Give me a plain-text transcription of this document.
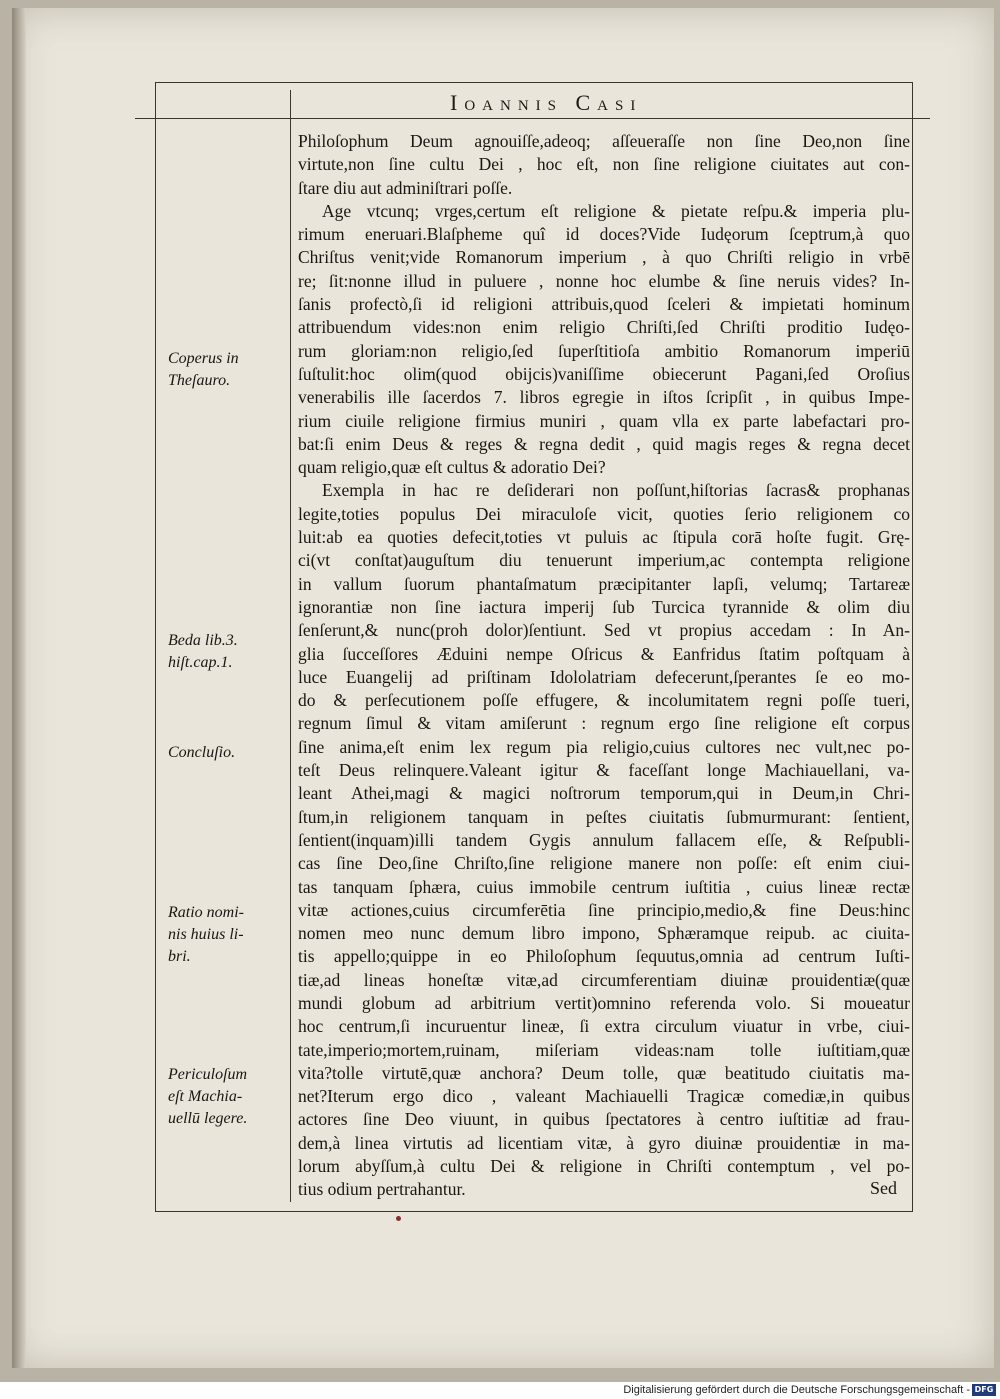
Ioannis Casi
Philoſophum Deum agnouiſſe,adeoq; aſſeueraſſe non ſine Deo,non ſine
virtute,non ſine cultu Dei , hoc eſt, non ſine religione ciuitates aut con-
ſtare diu aut adminiſtrari poſſe.
Age vtcunq; vrges,certum eſt religione & pietate reſpu.& imperia plu-
rimum eneruari.Blaſpheme quî id doces?Vide Iudęorum ſceptrum,à quo
Chriſtus venit;vide Romanorum imperium , à quo Chriſti religio in vrbē
re; ſit:nonne illud in puluere , nonne hoc elumbe & ſine neruis vides? In-
ſanis profectò,ſi id religioni attribuis,quod ſceleri & impietati hominum
attribuendum vides:non enim religio Chriſti,ſed Chriſti proditio Iudęo-
rum gloriam:non religio,ſed ſuperſtitioſa ambitio Romanorum imperiū
ſuſtulit:hoc olim(quod obijcis)vaniſſime obiecerunt Pagani,ſed Oroſius
venerabilis ille ſacerdos 7. libros egregie in iſtos ſcripſit , in quibus Impe-
rium ciuile religione firmius muniri , quam vlla ex parte labefactari pro-
bat:ſi enim Deus & reges & regna dedit , quid magis reges & regna decet
quam religio,quæ eſt cultus & adoratio Dei?
Exempla in hac re deſiderari non poſſunt,hiſtorias ſacras& prophanas
legite,toties populus Dei miraculoſe vicit, quoties ſerio religionem co
luit:ab ea quoties defecit,toties vt puluis ac ſtipula corā hoſte fugit. Grę-
ci(vt conſtat)auguſtum diu tenuerunt imperium,ac contempta religione
in vallum ſuorum phantaſmatum præcipitanter lapſi, velumq; Tartareæ
ignorantiæ non ſine iactura imperij ſub Turcica tyrannide & olim diu
ſenſerunt,& nunc(proh dolor)ſentiunt. Sed vt propius accedam : In An-
glia ſucceſſores Æduini nempe Oſricus & Eanfridus ſtatim poſtquam à
luce Euangelij ad priſtinam Idololatriam defecerunt,ſperantes ſe eo mo-
do & perſecutionem poſſe effugere, & incolumitatem regni poſſe tueri,
regnum ſimul & vitam amiſerunt : regnum ergo ſine religione eſt corpus
ſine anima,eſt enim lex regum pia religio,cuius cultores nec vult,nec po-
teſt Deus relinquere.Valeant igitur & faceſſant longe Machiauellani, va-
leant Athei,magi & magici noſtrorum temporum,qui in Deum,in Chri-
ſtum,in religionem tanquam in peſtes ciuitatis ſubmurmurant: ſentient,
ſentient(inquam)illi tandem Gygis annulum fallacem eſſe, & Reſpubli-
cas ſine Deo,ſine Chriſto,ſine religione manere non poſſe: eſt enim ciui-
tas tanquam ſphæra, cuius immobile centrum iuſtitia , cuius lineæ rectæ
vitæ actiones,cuius circumferētia ſine principio,medio,& fine Deus:hinc
nomen meo nunc demum libro impono, Sphæramque reipub. ac ciuita-
tis appello;quippe in eo Philoſophum ſequutus,omnia ad centrum Iuſti-
tiæ,ad lineas honeſtæ vitæ,ad circumferentiam diuinæ prouidentiæ(quæ
mundi globum ad arbitrium vertit)omnino referenda volo. Si moueatur
hoc centrum,ſi incuruentur lineæ, ſi extra circulum viuatur in vrbe, ciui-
tate,imperio;mortem,ruinam, miſeriam videas:nam tolle iuſtitiam,quæ
vita?tolle virtutē,quæ anchora? Deum tolle, quæ beatitudo ciuitatis ma-
net?Iterum ergo dico , valeant Machiauelli Tragicæ comediæ,in quibus
actores ſine Deo viuunt, in quibus ſpectatores à centro iuſtitiæ ad frau-
dem,à linea virtutis ad licentiam vitæ, à gyro diuinæ prouidentiæ in ma-
lorum abyſſum,à cultu Dei & religione in Chriſti contemptum , vel po-
tius odium pertrahantur.
Coperus in
Theſauro.
Beda lib.3.
hiſt.cap.1.
Concluſio.
Ratio nomi-
nis huius li-
bri.
Periculoſum
eſt Machia-
uellū legere.
Sed
Digitalisierung gefördert durch die Deutsche Forschungsgemeinschaft - DFG
